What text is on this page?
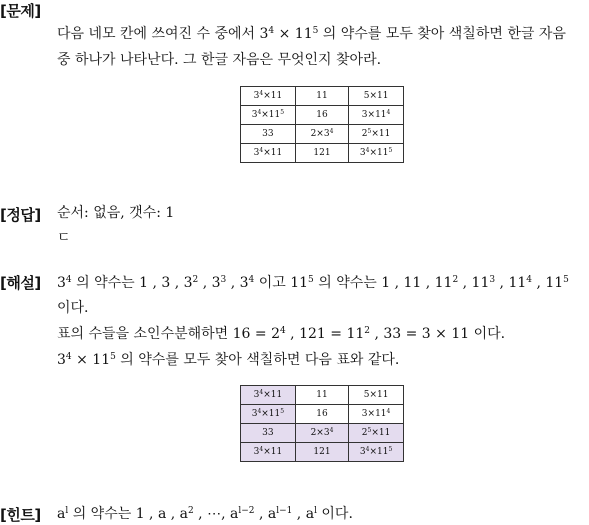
[문제]
다음 네모 칸에 쓰여진 수 중에서 $3^4 \times 11^5$ 의 약수를 모두 찾아 색칠하면 한글 자음
중 하나가 나타난다. 그 한글 자음은 무엇인지 찾아라.
$3^4\times 11$	11	5×11
$3^4\times 11^5$	16	$3\times 11^4$
33	$2\times 3^4$	$2^5\times 11$
$3^4\times 11$	121	$3^4\times 11^5$
[정답] 순서: 없음, 갯수: 1
ㄷ
[해설] $3^4$ 의 약수는 1 , 3 , $3^2$ , $3^3$ , $3^4$ 이고 $11^5$ 의 약수는 1 , 11 , $11^2$ , $11^3$ , $11^4$ , $11^5$
이다.
표의 수들을 소인수분해하면 $16 = 2^4$ , $121 = 11^2$ , 33 = 3 × 11 이다.
$3^4 \times 11^5$ 의 약수를 모두 찾아 색칠하면 다음 표와 같다.
$3^4\times 11$	11	5×11
$3^4\times 11^5$	16	$3\times 11^4$
33	$2\times 3^4$	$2^5\times 11$
$3^4\times 11$	121	$3^4\times 11^5$
[힌트] $a^l$ 의 약수는 1 , a , $a^2$ , ⋯, $a^{l-2}$ , $a^{l-1}$ , $a^l$ 이다.
